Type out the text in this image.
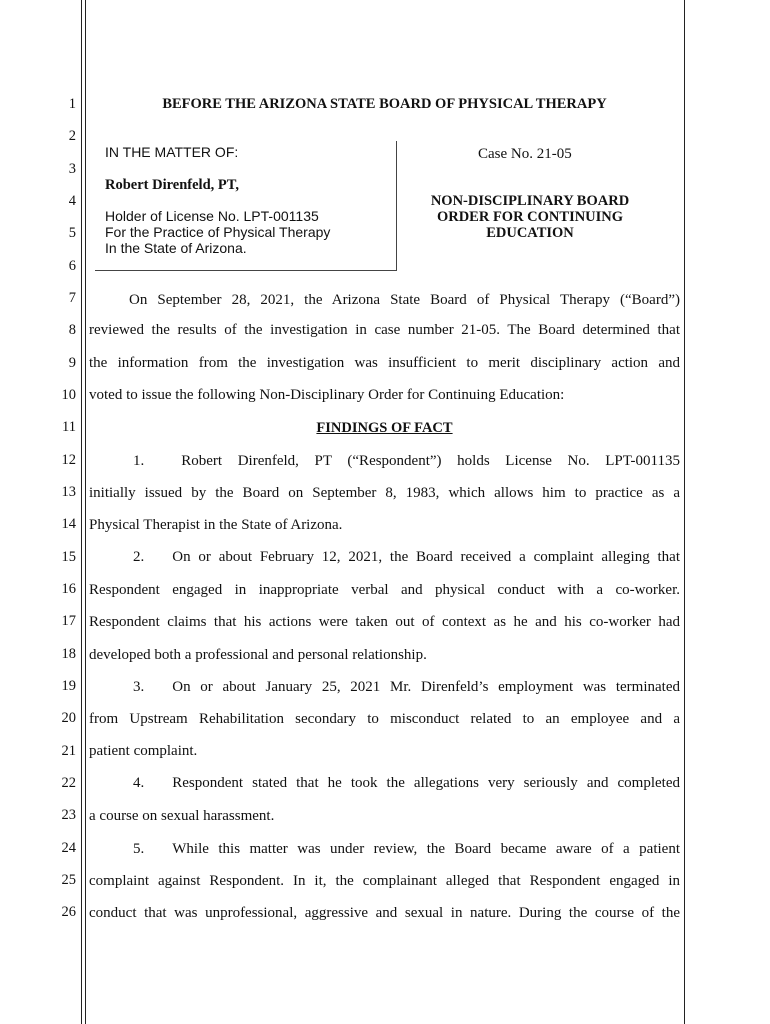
1
2
3
4
5
6
7
8
9
10
11
12
13
14
15
16
17
18
19
20
21
22
23
24
25
26
BEFORE THE ARIZONA STATE BOARD OF PHYSICAL THERAPY
IN THE MATTER OF:
Robert Direnfeld, PT,
Holder of License No. LPT-001135
For the Practice of Physical Therapy
In the State of Arizona.
Case No. 21-05
NON-DISCIPLINARY BOARD
ORDER FOR CONTINUING
EDUCATION
On September 28, 2021, the Arizona State Board of Physical Therapy (“Board”)
reviewed the results of the investigation in case number 21-05. The Board determined that
the information from the investigation was insufficient to merit disciplinary action and
voted to issue the following Non-Disciplinary Order for Continuing Education:
FINDINGS OF FACT
1. Robert Direnfeld, PT (“Respondent”) holds License No. LPT-001135
initially issued by the Board on September 8, 1983, which allows him to practice as a
Physical Therapist in the State of Arizona.
2. On or about February 12, 2021, the Board received a complaint alleging that
Respondent engaged in inappropriate verbal and physical conduct with a co-worker.
Respondent claims that his actions were taken out of context as he and his co-worker had
developed both a professional and personal relationship.
3. On or about January 25, 2021 Mr. Direnfeld’s employment was terminated
from Upstream Rehabilitation secondary to misconduct related to an employee and a
patient complaint.
4. Respondent stated that he took the allegations very seriously and completed
a course on sexual harassment.
5. While this matter was under review, the Board became aware of a patient
complaint against Respondent. In it, the complainant alleged that Respondent engaged in
conduct that was unprofessional, aggressive and sexual in nature. During the course of the
